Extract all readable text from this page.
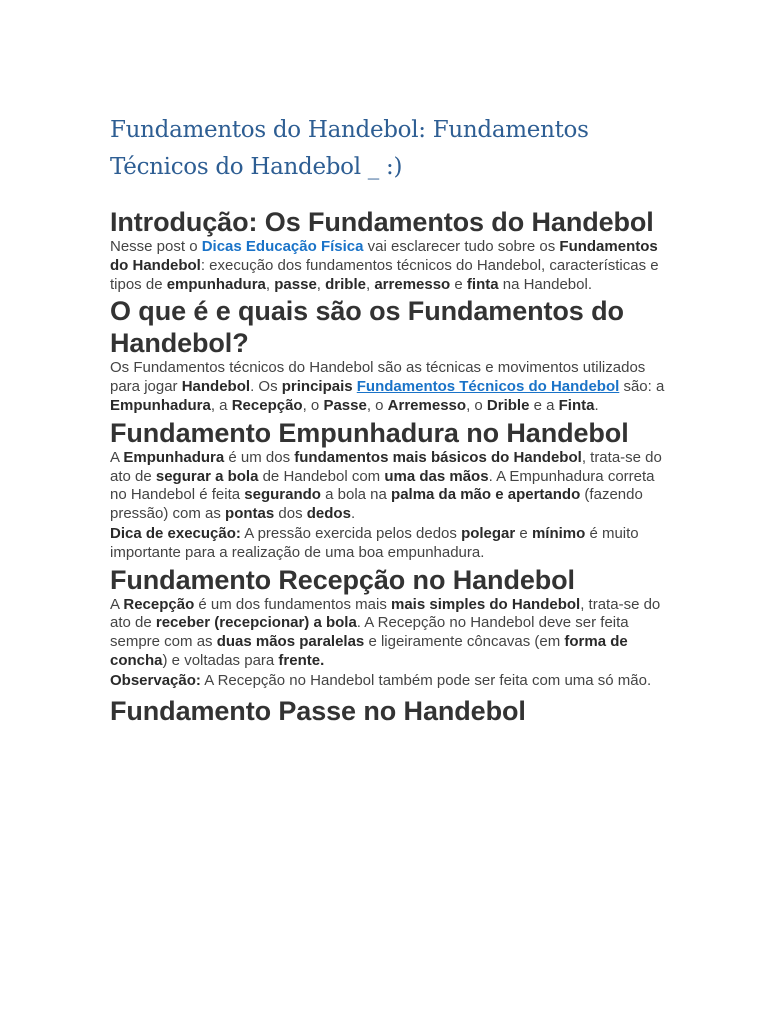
Fundamentos do Handebol: Fundamentos Técnicos do Handebol _ :)
Introdução: Os Fundamentos do Handebol

Nesse post o Dicas Educação Física vai esclarecer tudo sobre os Fundamentos do Handebol: execução dos fundamentos técnicos do Handebol, características e tipos de empunhadura, passe, drible, arremesso e finta na Handebol.

O que é e quais são os Fundamentos do Handebol?

Os Fundamentos técnicos do Handebol são as técnicas e movimentos utilizados para jogar Handebol. Os principais Fundamentos Técnicos do Handebol são: a Empunhadura, a Recepção, o Passe, o Arremesso, o Drible e a Finta.

Fundamento Empunhadura no Handebol

A Empunhadura é um dos fundamentos mais básicos do Handebol, trata-se do ato de segurar a bola de Handebol com uma das mãos. A Empunhadura correta no Handebol é feita segurando a bola na palma da mão e apertando (fazendo pressão) com as pontas dos dedos.

Dica de execução: A pressão exercida pelos dedos polegar e mínimo é muito importante para a realização de uma boa empunhadura.

Fundamento Recepção no Handebol

A Recepção é um dos fundamentos mais mais simples do Handebol, trata-se do ato de receber (recepcionar) a bola. A Recepção no Handebol deve ser feita sempre com as duas mãos paralelas e ligeiramente côncavas (em forma de concha) e voltadas para frente.

Observação: A Recepção no Handebol também pode ser feita com uma só mão.

Fundamento Passe no Handebol
